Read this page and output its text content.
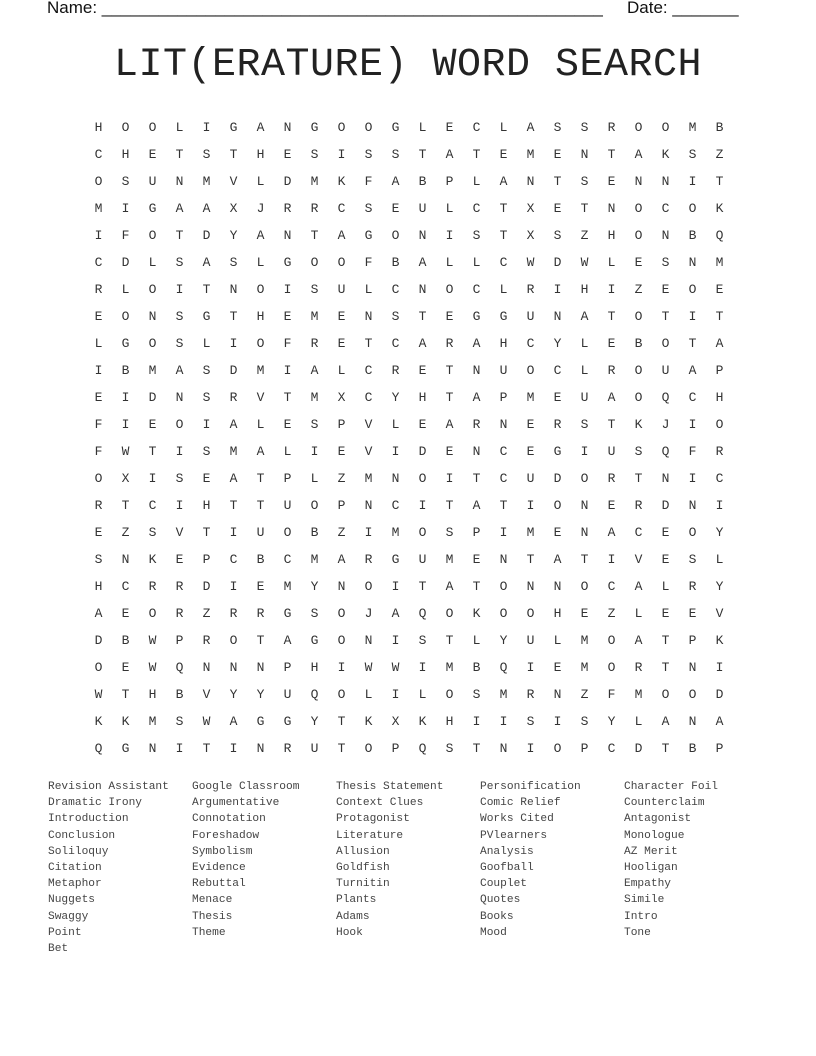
Name: _____________________________________________________ Date: _______
LIT(ERATURE) WORD SEARCH
H	O	O	L	I	G	A	N	G	O	O	G	L	E	C	L	A	S	S	R	O	O	M	B
C	H	E	T	S	T	H	E	S	I	S	S	T	A	T	E	M	E	N	T	A	K	S	Z
O	S	U	N	M	V	L	D	M	K	F	A	B	P	L	A	N	T	S	E	N	N	I	T
M	I	G	A	A	X	J	R	R	C	S	E	U	L	C	T	X	E	T	N	O	C	O	K
I	F	O	T	D	Y	A	N	T	A	G	O	N	I	S	T	X	S	Z	H	O	N	B	Q
C	D	L	S	A	S	L	G	O	O	F	B	A	L	L	C	W	D	W	L	E	S	N	M
R	L	O	I	T	N	O	I	S	U	L	C	N	O	C	L	R	I	H	I	Z	E	O	E
E	O	N	S	G	T	H	E	M	E	N	S	T	E	G	G	U	N	A	T	O	T	I	T
L	G	O	S	L	I	O	F	R	E	T	C	A	R	A	H	C	Y	L	E	B	O	T	A
I	B	M	A	S	D	M	I	A	L	C	R	E	T	N	U	O	C	L	R	O	U	A	P
E	I	D	N	S	R	V	T	M	X	C	Y	H	T	A	P	M	E	U	A	O	Q	C	H
F	I	E	O	I	A	L	E	S	P	V	L	E	A	R	N	E	R	S	T	K	J	I	O
F	W	T	I	S	M	A	L	I	E	V	I	D	E	N	C	E	G	I	U	S	Q	F	R
O	X	I	S	E	A	T	P	L	Z	M	N	O	I	T	C	U	D	O	R	T	N	I	C
R	T	C	I	H	T	T	U	O	P	N	C	I	T	A	T	I	O	N	E	R	D	N	I
E	Z	S	V	T	I	U	O	B	Z	I	M	O	S	P	I	M	E	N	A	C	E	O	Y
S	N	K	E	P	C	B	C	M	A	R	G	U	M	E	N	T	A	T	I	V	E	S	L
H	C	R	R	D	I	E	M	Y	N	O	I	T	A	T	O	N	N	O	C	A	L	R	Y
A	E	O	R	Z	R	R	G	S	O	J	A	Q	O	K	O	O	H	E	Z	L	E	E	V
D	B	W	P	R	O	T	A	G	O	N	I	S	T	L	Y	U	L	M	O	A	T	P	K
O	E	W	Q	N	N	N	P	H	I	W	W	I	M	B	Q	I	E	M	O	R	T	N	I
W	T	H	B	V	Y	Y	U	Q	O	L	I	L	O	S	M	R	N	Z	F	M	O	O	D
K	K	M	S	W	A	G	G	Y	T	K	X	K	H	I	I	S	I	S	Y	L	A	N	A
Q	G	N	I	T	I	N	R	U	T	O	P	Q	S	T	N	I	O	P	C	D	T	B	P
Revision Assistant	Google Classroom	Thesis Statement	Personification	Character Foil
Dramatic Irony	Argumentative	Context Clues	Comic Relief	Counterclaim
Introduction	Connotation	Protagonist	Works Cited	Antagonist
Conclusion	Foreshadow	Literature	PVlearners	Monologue
Soliloquy	Symbolism	Allusion	Analysis	AZ Merit
Citation	Evidence	Goldfish	Goofball	Hooligan
Metaphor	Rebuttal	Turnitin	Couplet	Empathy
Nuggets	Menace	Plants	Quotes	Simile
Swaggy	Thesis	Adams	Books	Intro
Point	Theme	Hook	Mood	Tone
Bet
